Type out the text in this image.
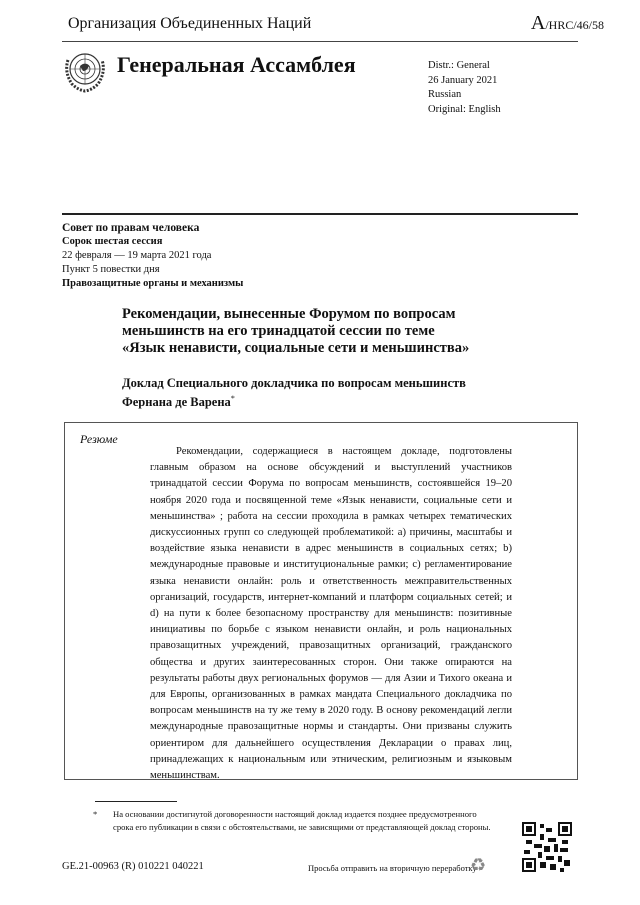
Организация Объединенных Наций	A/HRC/46/58
Генеральная Ассамблея	Distr.: General
26 January 2021
Russian
Original: English
Совет по правам человека
Сорок шестая сессия
22 февраля — 19 марта 2021 года
Пункт 5 повестки дня
Правозащитные органы и механизмы
Рекомендации, вынесенные Форумом по вопросам
меньшинств на его тринадцатой сессии по теме
«Язык ненависти, социальные сети и меньшинства»
Доклад Специального докладчика по вопросам меньшинств
Фернана де Варена*
Резюме
Рекомендации, содержащиеся в настоящем докладе, подготовлены главным образом на основе обсуждений и выступлений участников тринадцатой сессии Форума по вопросам меньшинств, состоявшейся 19–20 ноября 2020 года и посвященной теме «Язык ненависти, социальные сети и меньшинства» ; работа на сессии проходила в рамках четырех тематических дискуссионных групп со следующей проблематикой: a) причины, масштабы и воздействие языка ненависти в адрес меньшинств в социальных сетях; b) международные правовые и институциональные рамки; c) регламентирование языка ненависти онлайн: роль и ответственность межправительственных организаций, государств, интернет-компаний и платформ социальных сетей; и d) на пути к более безопасному пространству для меньшинств: позитивные инициативы по борьбе с языком ненависти онлайн, и роль национальных правозащитных учреждений, правозащитных организаций, гражданского общества и других заинтересованных сторон. Они также опираются на результаты работы двух региональных форумов — для Азии и Тихого океана и для Европы, организованных в рамках мандата Специального докладчика по вопросам меньшинств на ту же тему в 2020 году. В основу рекомендаций легли международные правозащитные нормы и стандарты. Они призваны служить ориентиром для дальнейшего осуществления Декларации о правах лиц, принадлежащих к национальным или этническим, религиозным и языковым меньшинствам.
* На основании достигнутой договоренности настоящий доклад издается позднее предусмотренного срока его публикации в связи с обстоятельствами, не зависящими от представляющей доклад стороны.
GE.21-00963 (R) 010221 040221	Просьба отправить на вторичную переработку
♻
